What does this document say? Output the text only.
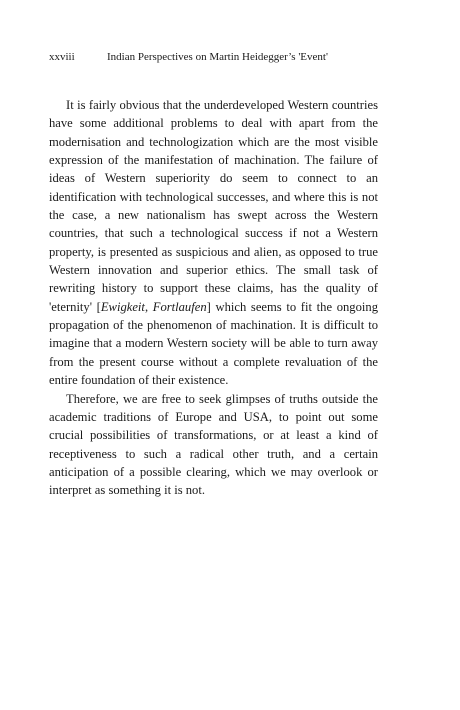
xxviii	Indian Perspectives on Martin Heidegger’s 'Event'

It is fairly obvious that the underdeveloped Western countries have some additional problems to deal with apart from the modernisation and technologization which are the most visible expression of the manifestation of machination. The failure of ideas of Western superiority do seem to connect to an identification with technological successes, and where this is not the case, a new nationalism has swept across the Western countries, that such a technological success if not a Western property, is presented as suspicious and alien, as opposed to true Western innovation and superior ethics. The small task of rewriting history to support these claims, has the quality of 'eternity' [Ewigkeit, Fortlaufen] which seems to fit the ongoing propagation of the phenomenon of machination. It is difficult to imagine that a modern Western society will be able to turn away from the present course without a complete revaluation of the entire foundation of their existence.

Therefore, we are free to seek glimpses of truths outside the academic traditions of Europe and USA, to point out some crucial possibilities of transformations, or at least a kind of receptiveness to such a radical other truth, and a certain anticipation of a possible clearing, which we may overlook or interpret as something it is not.
